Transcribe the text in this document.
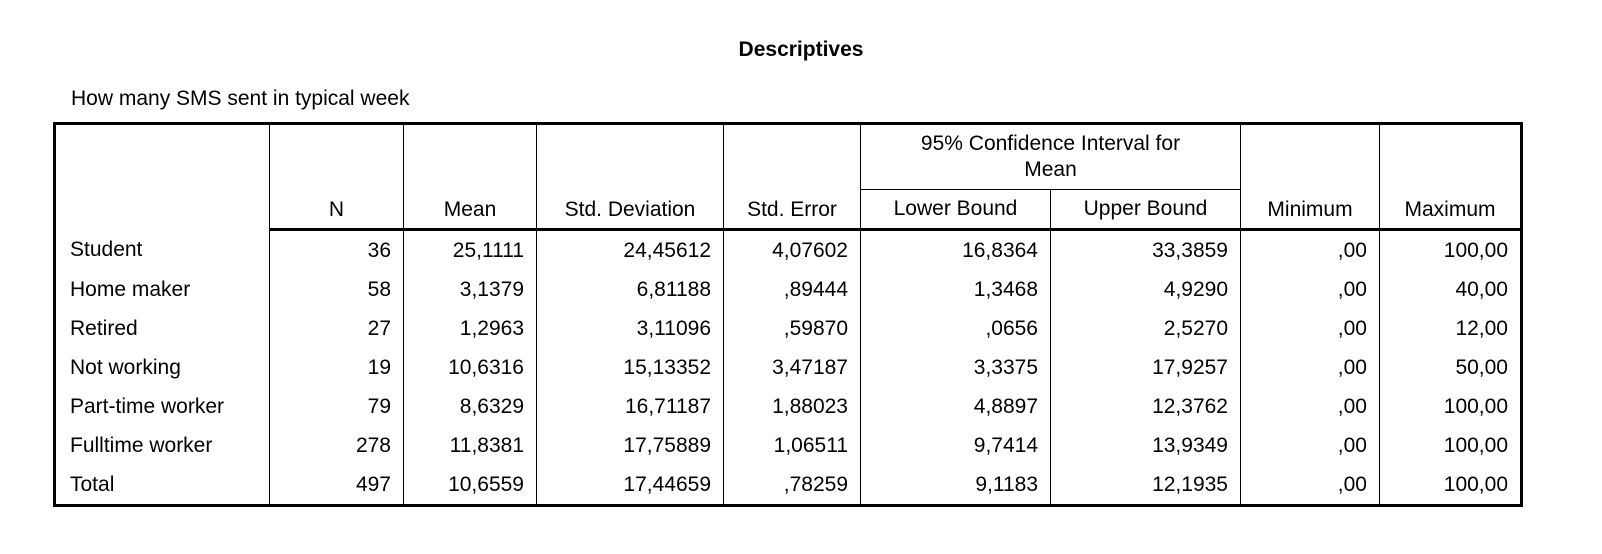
Descriptives
How many SMS sent in typical week
	N	Mean	Std. Deviation	Std. Error	95% Confidence Interval for Mean		Minimum	Maximum
					Lower Bound	Upper Bound		
Student	36	25,1111	24,45612	4,07602	16,8364	33,3859	,00	100,00
Home maker	58	3,1379	6,81188	,89444	1,3468	4,9290	,00	40,00
Retired	27	1,2963	3,11096	,59870	,0656	2,5270	,00	12,00
Not working	19	10,6316	15,13352	3,47187	3,3375	17,9257	,00	50,00
Part-time worker	79	8,6329	16,71187	1,88023	4,8897	12,3762	,00	100,00
Fulltime worker	278	11,8381	17,75889	1,06511	9,7414	13,9349	,00	100,00
Total	497	10,6559	17,44659	,78259	9,1183	12,1935	,00	100,00
